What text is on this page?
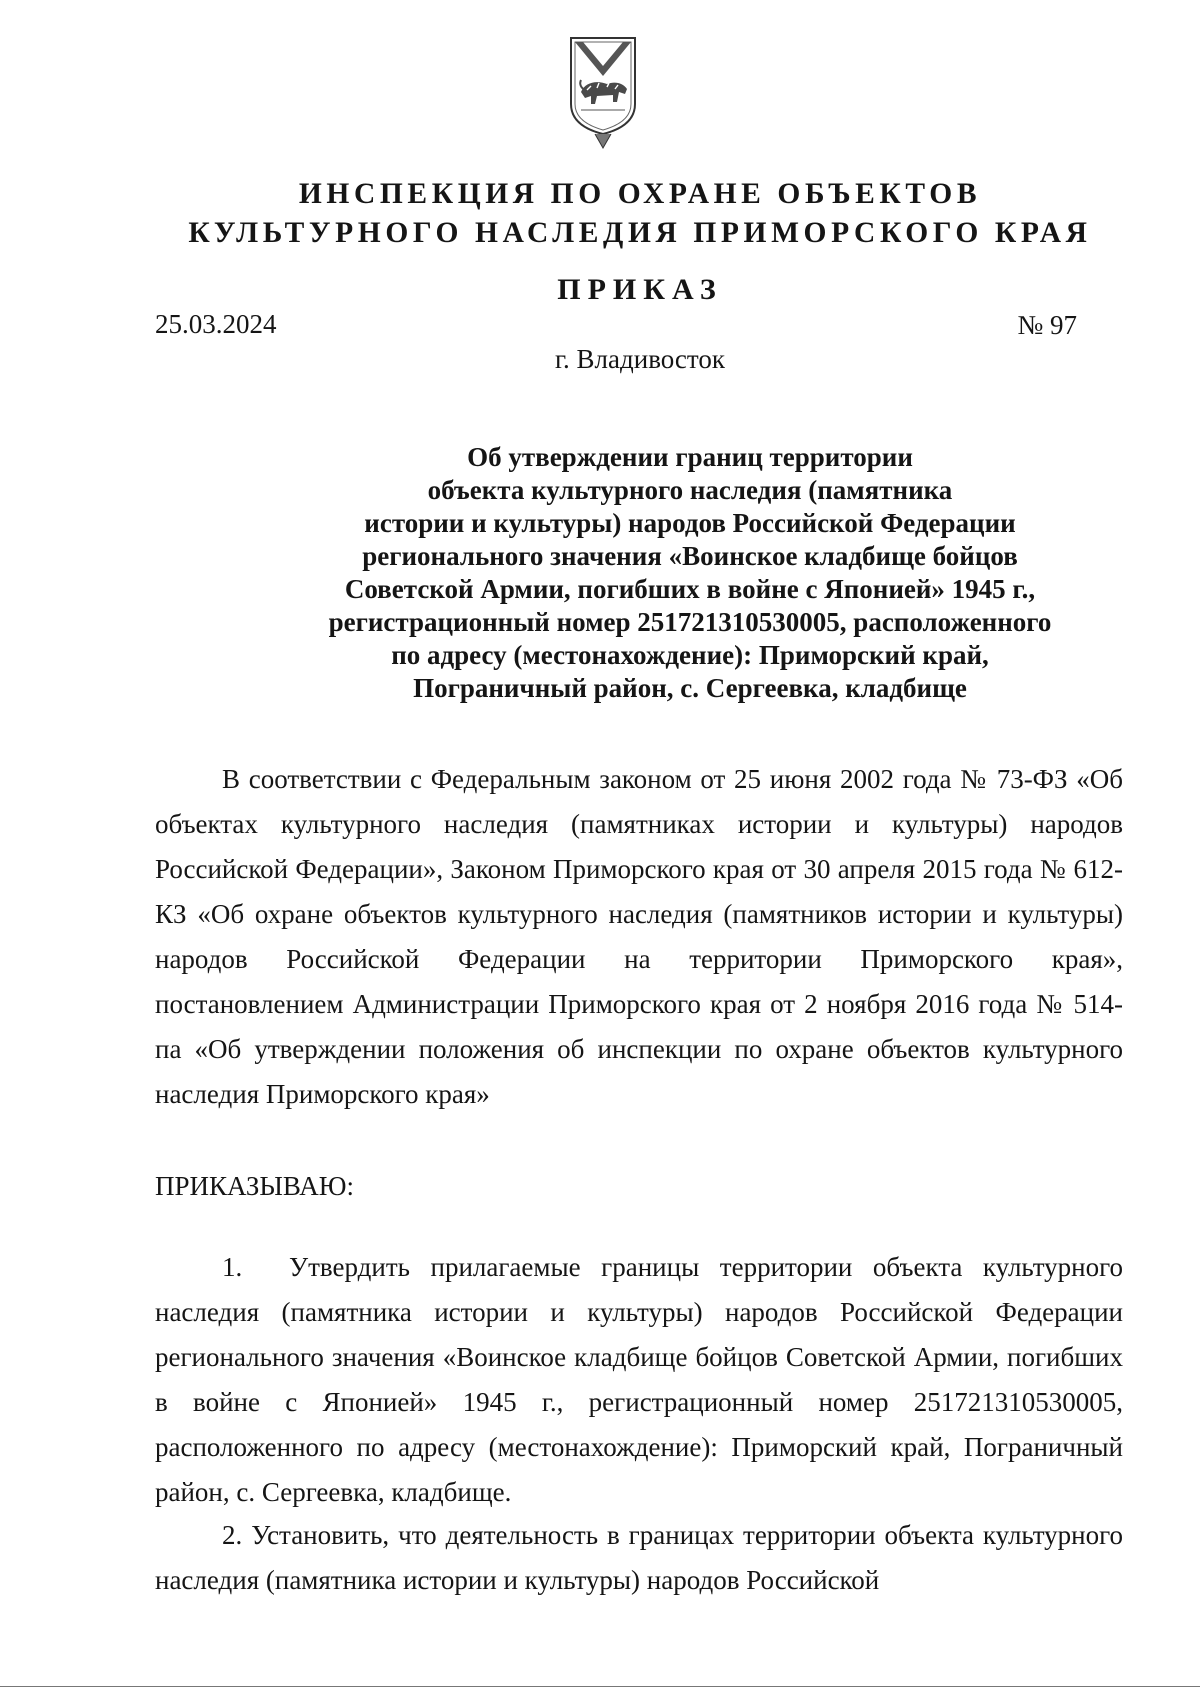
ИНСПЕКЦИЯ ПО ОХРАНЕ ОБЪЕКТОВ
КУЛЬТУРНОГО НАСЛЕДИЯ ПРИМОРСКОГО КРАЯ
ПРИКАЗ
25.03.2024	№ 97
г. Владивосток
Об утверждении границ территории
объекта культурного наследия (памятника
истории и культуры) народов Российской Федерации
регионального значения «Воинское кладбище бойцов
Советской Армии, погибших в войне с Японией» 1945 г.,
регистрационный номер 251721310530005, расположенного
по адресу (местонахождение): Приморский край,
Пограничный район, с. Сергеевка, кладбище
В соответствии с Федеральным законом от 25 июня 2002 года № 73-ФЗ «Об объектах культурного наследия (памятниках истории и культуры) народов Российской Федерации», Законом Приморского края от 30 апреля 2015 года № 612-КЗ «Об охране объектов культурного наследия (памятников истории и культуры) народов Российской Федерации на территории Приморского края», постановлением Администрации Приморского края от 2 ноября 2016 года № 514-па «Об утверждении положения об инспекции по охране объектов культурного наследия Приморского края»
ПРИКАЗЫВАЮ:
1. Утвердить прилагаемые границы территории объекта культурного наследия (памятника истории и культуры) народов Российской Федерации регионального значения «Воинское кладбище бойцов Советской Армии, погибших в войне с Японией» 1945 г., регистрационный номер 251721310530005, расположенного по адресу (местонахождение): Приморский край, Пограничный район, с. Сергеевка, кладбище.
2. Установить, что деятельность в границах территории объекта культурного наследия (памятника истории и культуры) народов Российской
